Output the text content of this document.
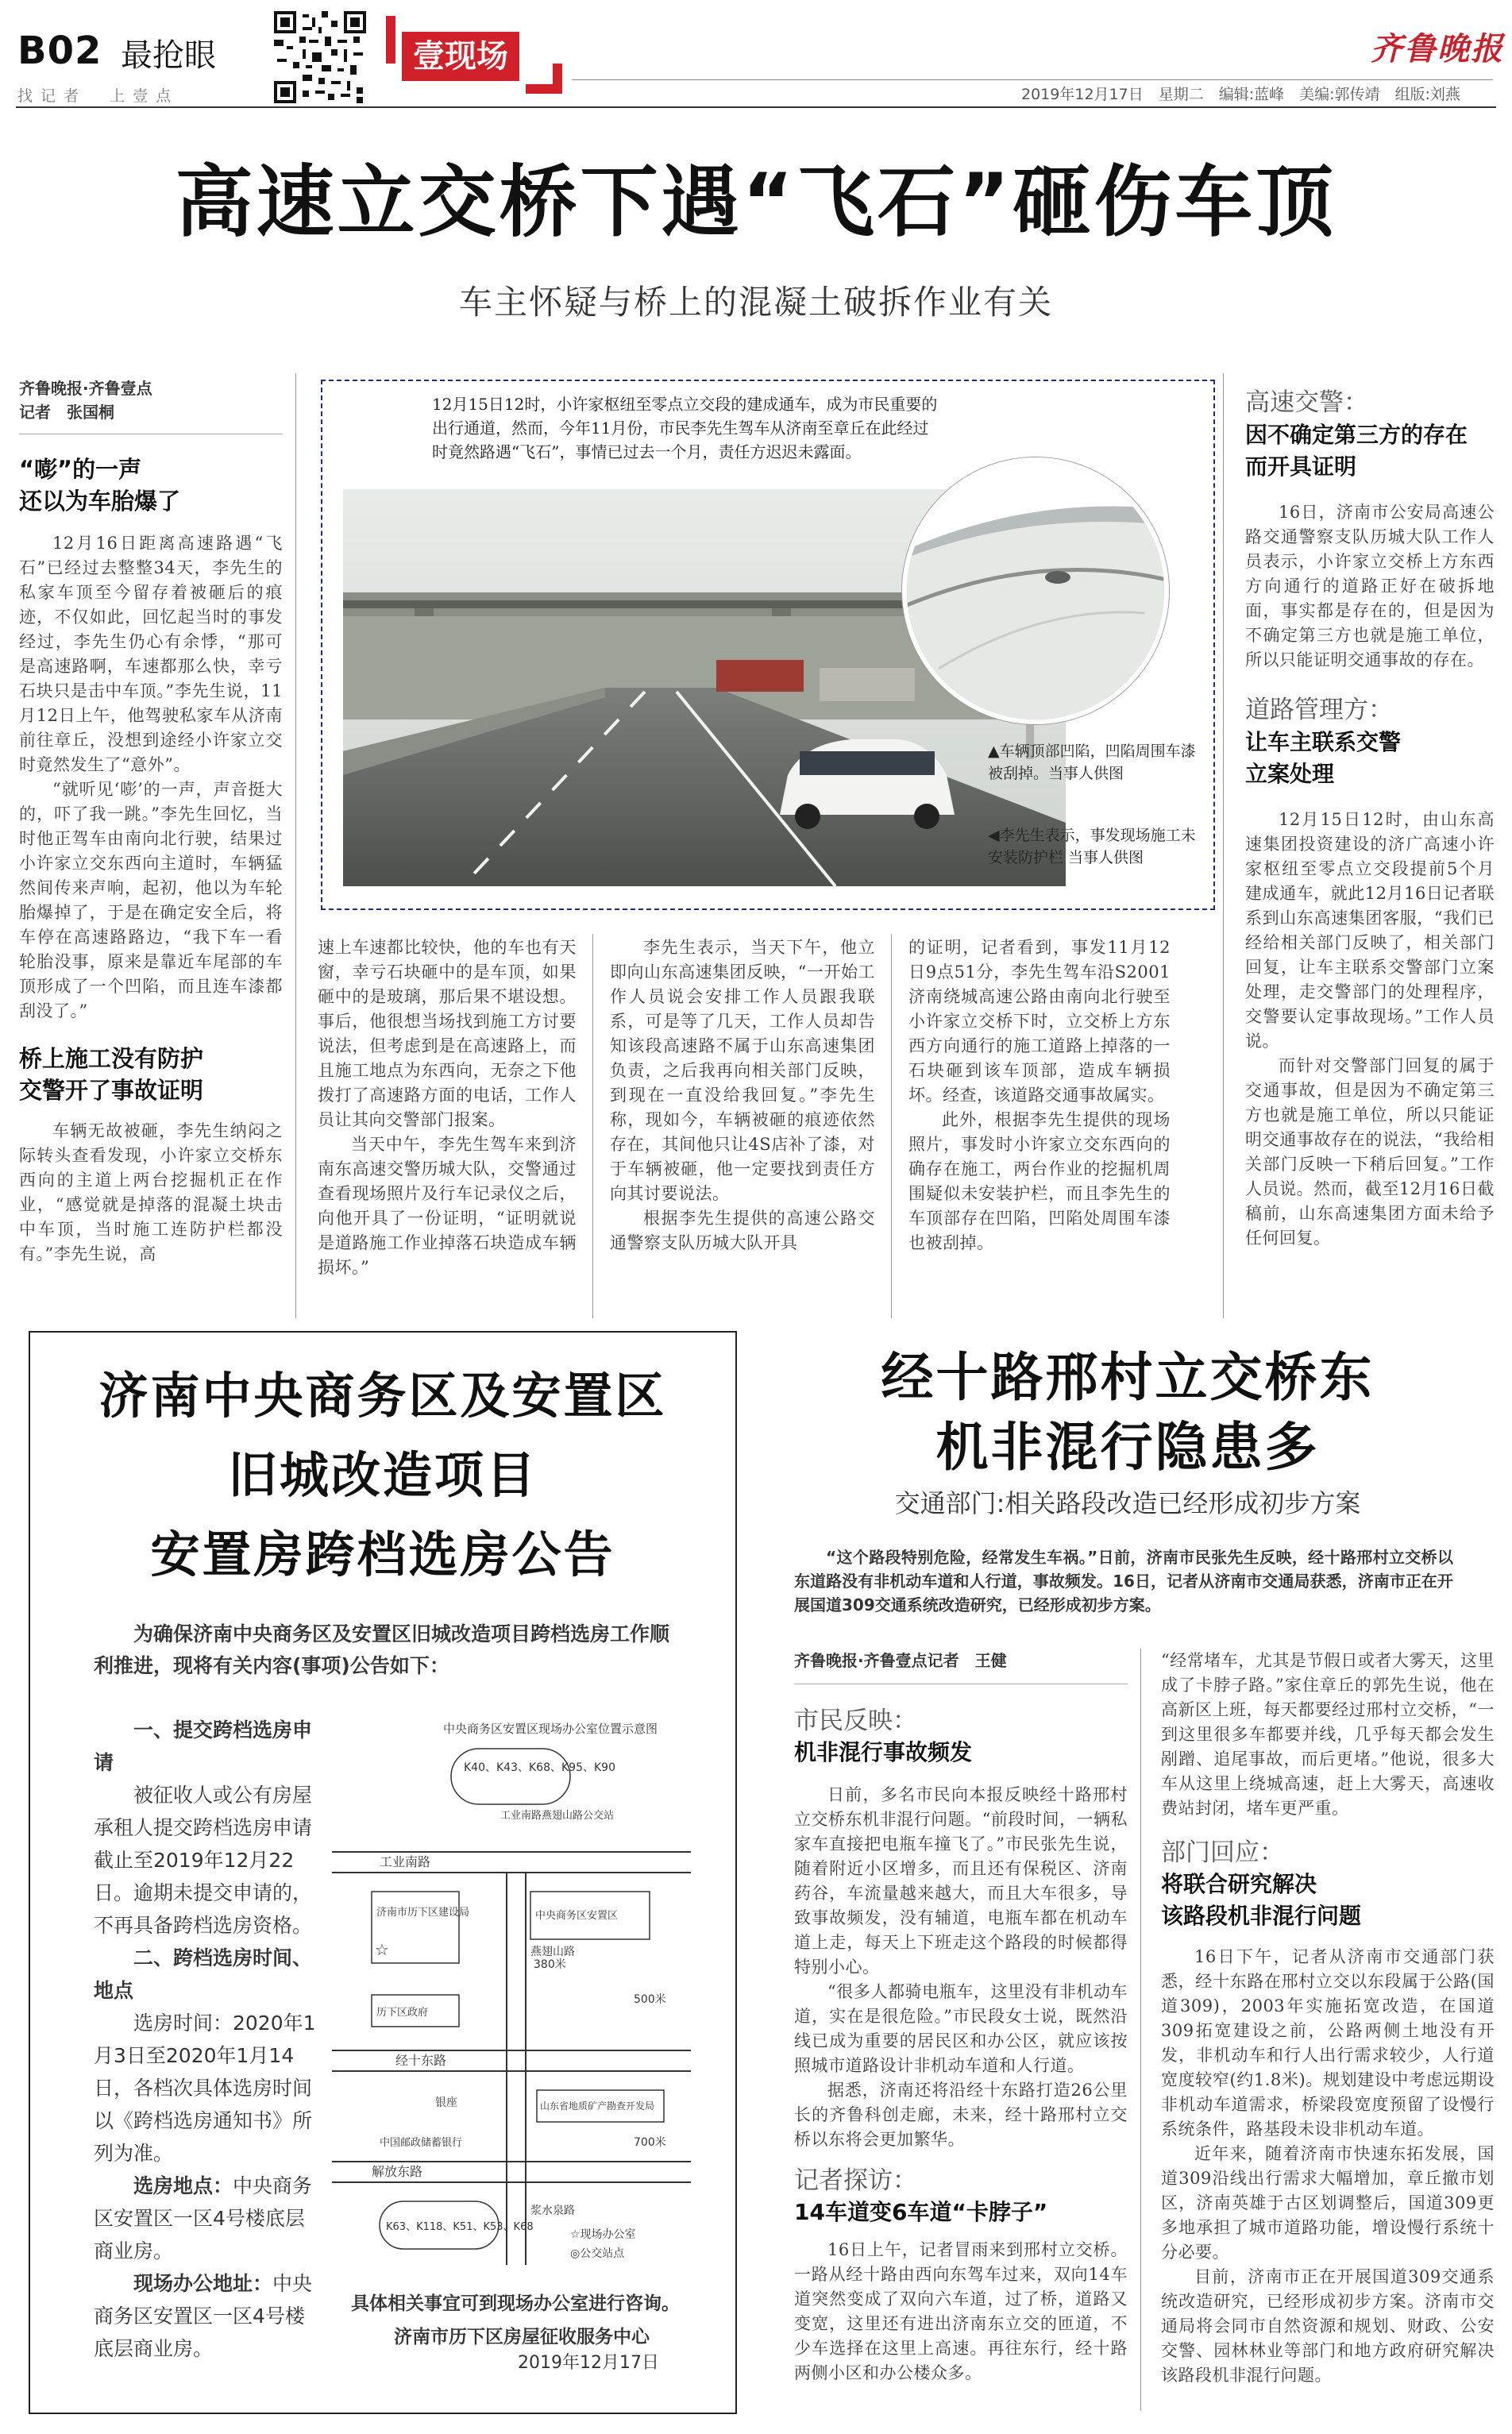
B02 最抢眼
找 记 者 　 上 壹 点
壹现场	齐鲁晚报
2019年12月17日　星期二　编辑:蓝峰　美编:郭传靖　组版:刘燕
高速立交桥下遇“飞石”砸伤车顶
车主怀疑与桥上的混凝土破拆作业有关
齐鲁晚报·齐鲁壹点
记者　张国桐
“嘭”的一声
还以为车胎爆了
12月16日距离高速路遇“飞石”已经过去整整34天，李先生的私家车顶至今留存着被砸后的痕迹，不仅如此，回忆起当时的事发经过，李先生仍心有余悸，“那可是高速路啊，车速都那么快，幸亏石块只是击中车顶。”李先生说，11月12日上午，他驾驶私家车从济南前往章丘，没想到途经小许家立交时竟然发生了“意外”。
“就听见‘嘭’的一声，声音挺大的，吓了我一跳。”李先生回忆，当时他正驾车由南向北行驶，结果过小许家立交东西向主道时，车辆猛然间传来声响，起初，他以为车轮胎爆掉了，于是在确定安全后，将车停在高速路路边，“我下车一看轮胎没事，原来是靠近车尾部的车顶形成了一个凹陷，而且连车漆都刮没了。”
桥上施工没有防护
交警开了事故证明
车辆无故被砸，李先生纳闷之际转头查看发现，小许家立交桥东西向的主道上两台挖掘机正在作业，“感觉就是掉落的混凝土块击中车顶，当时施工连防护栏都没有。”李先生说，高
12月15日12时，小许家枢纽至零点立交段的建成通车，成为市民重要的出行通道，然而，今年11月份，市民李先生驾车从济南至章丘在此经过时竟然路遇“飞石”，事情已过去一个月，责任方迟迟未露面。
▲车辆顶部凹陷，凹陷周围车漆被刮掉。当事人供图
◀李先生表示，事发现场施工未安装防护栏 当事人供图
速上车速都比较快，他的车也有天窗，幸亏石块砸中的是车顶，如果砸中的是玻璃，那后果不堪设想。事后，他很想当场找到施工方讨要说法，但考虑到是在高速路上，而且施工地点为东西向，无奈之下他拨打了高速路方面的电话，工作人员让其向交警部门报案。
当天中午，李先生驾车来到济南东高速交警历城大队，交警通过查看现场照片及行车记录仪之后，向他开具了一份证明，“证明就说是道路施工作业掉落石块造成车辆损坏。”
李先生表示，当天下午，他立即向山东高速集团反映，“一开始工作人员说会安排工作人员跟我联系，可是等了几天，工作人员却告知该段高速路不属于山东高速集团负责，之后我再向相关部门反映，到现在一直没给我回复。”李先生称，现如今，车辆被砸的痕迹依然存在，其间他只让4S店补了漆，对于车辆被砸，他一定要找到责任方向其讨要说法。
根据李先生提供的高速公路交通警察支队历城大队开具
的证明，记者看到，事发11月12日9点51分，李先生驾车沿S2001济南绕城高速公路由南向北行驶至小许家立交桥下时，立交桥上方东西方向通行的施工道路上掉落的一石块砸到该车顶部，造成车辆损坏。经查，该道路交通事故属实。
此外，根据李先生提供的现场照片，事发时小许家立交东西向的确存在施工，两台作业的挖掘机周围疑似未安装护栏，而且李先生的车顶部存在凹陷，凹陷处周围车漆也被刮掉。
高速交警：
因不确定第三方的存在
而开具证明
16日，济南市公安局高速公路交通警察支队历城大队工作人员表示，小许家立交桥上方东西方向通行的道路正好在破拆地面，事实都是存在的，但是因为不确定第三方也就是施工单位，所以只能证明交通事故的存在。
道路管理方：
让车主联系交警
立案处理
12月15日12时，由山东高速集团投资建设的济广高速小许家枢纽至零点立交段提前5个月建成通车，就此12月16日记者联系到山东高速集团客服，“我们已经给相关部门反映了，相关部门回复，让车主联系交警部门立案处理，走交警部门的处理程序，交警要认定事故现场。”工作人员说。
而针对交警部门回复的属于交通事故，但是因为不确定第三方也就是施工单位，所以只能证明交通事故存在的说法，“我给相关部门反映一下稍后回复。”工作人员说。然而，截至12月16日截稿前，山东高速集团方面未给予任何回复。
济南中央商务区及安置区
旧城改造项目
安置房跨档选房公告
为确保济南中央商务区及安置区旧城改造项目跨档选房工作顺利推进，现将有关内容(事项)公告如下：
一、提交跨档选房申请
被征收人或公有房屋承租人提交跨档选房申请截止至2019年12月22日。逾期未提交申请的，不再具备跨档选房资格。
二、跨档选房时间、地点
选房时间：2020年1月3日至2020年1月14日，各档次具体选房时间以《跨档选房通知书》所列为准。
选房地点：中央商务区安置区一区4号楼底层商业房。
现场办公地址：中央商务区安置区一区4号楼底层商业房。
中央商务区安置区现场办公室位置示意图
K40、K43、K68、K95、K90
工业南路燕翅山路公交站
工业南路
济南市历下区建设局	中央商务区安置区
☆
380米
500米
历下区政府
经十东路
银座	山东省地质矿产勘查开发局
中国邮政储蓄银行	700米
解放东路
浆水泉路
燕翅山路
K63、K118、K51、K53、K68
☆现场办公室
◎公交站点
具体相关事宜可到现场办公室进行咨询。
济南市历下区房屋征收服务中心
2019年12月17日
经十路邢村立交桥东
机非混行隐患多
交通部门:相关路段改造已经形成初步方案
“这个路段特别危险，经常发生车祸。”日前，济南市民张先生反映，经十路邢村立交桥以东道路没有非机动车道和人行道，事故频发。16日，记者从济南市交通局获悉，济南市正在开展国道309交通系统改造研究，已经形成初步方案。
齐鲁晚报·齐鲁壹点记者　王健
市民反映：
机非混行事故频发
日前，多名市民向本报反映经十路邢村立交桥东机非混行问题。“前段时间，一辆私家车直接把电瓶车撞飞了。”市民张先生说，随着附近小区增多，而且还有保税区、济南药谷，车流量越来越大，而且大车很多，导致事故频发，没有辅道，电瓶车都在机动车道上走，每天上下班走这个路段的时候都得特别小心。
“很多人都骑电瓶车，这里没有非机动车道，实在是很危险。”市民段女士说，既然沿线已成为重要的居民区和办公区，就应该按照城市道路设计非机动车道和人行道。
据悉，济南还将沿经十东路打造26公里长的齐鲁科创走廊，未来，经十路邢村立交桥以东将会更加繁华。
记者探访：
14车道变6车道“卡脖子”
16日上午，记者冒雨来到邢村立交桥。一路从经十路由西向东驾车过来，双向14车道突然变成了双向六车道，过了桥，道路又变宽，这里还有进出济南东立交的匝道，不少车选择在这里上高速。再往东行，经十路两侧小区和办公楼众多。
“经常堵车，尤其是节假日或者大雾天，这里成了卡脖子路。”家住章丘的郭先生说，他在高新区上班，每天都要经过邢村立交桥，“一到这里很多车都要并线，几乎每天都会发生剐蹭、追尾事故，而后更堵。”他说，很多大车从这里上绕城高速，赶上大雾天，高速收费站封闭，堵车更严重。
部门回应：
将联合研究解决
该路段机非混行问题
16日下午，记者从济南市交通部门获悉，经十东路在邢村立交以东段属于公路(国道309)，2003年实施拓宽改造，在国道309拓宽建设之前，公路两侧土地没有开发，非机动车和行人出行需求较少，人行道宽度较窄(约1.8米)。规划建设中考虑远期设非机动车道需求，桥梁段宽度预留了设慢行系统条件，路基段未设非机动车道。
近年来，随着济南市快速东拓发展，国道309沿线出行需求大幅增加，章丘撤市划区，济南英雄于古区划调整后，国道309更多地承担了城市道路功能，增设慢行系统十分必要。
目前，济南市正在开展国道309交通系统改造研究，已经形成初步方案。济南市交通局将会同市自然资源和规划、财政、公安交警、园林林业等部门和地方政府研究解决该路段机非混行问题。
